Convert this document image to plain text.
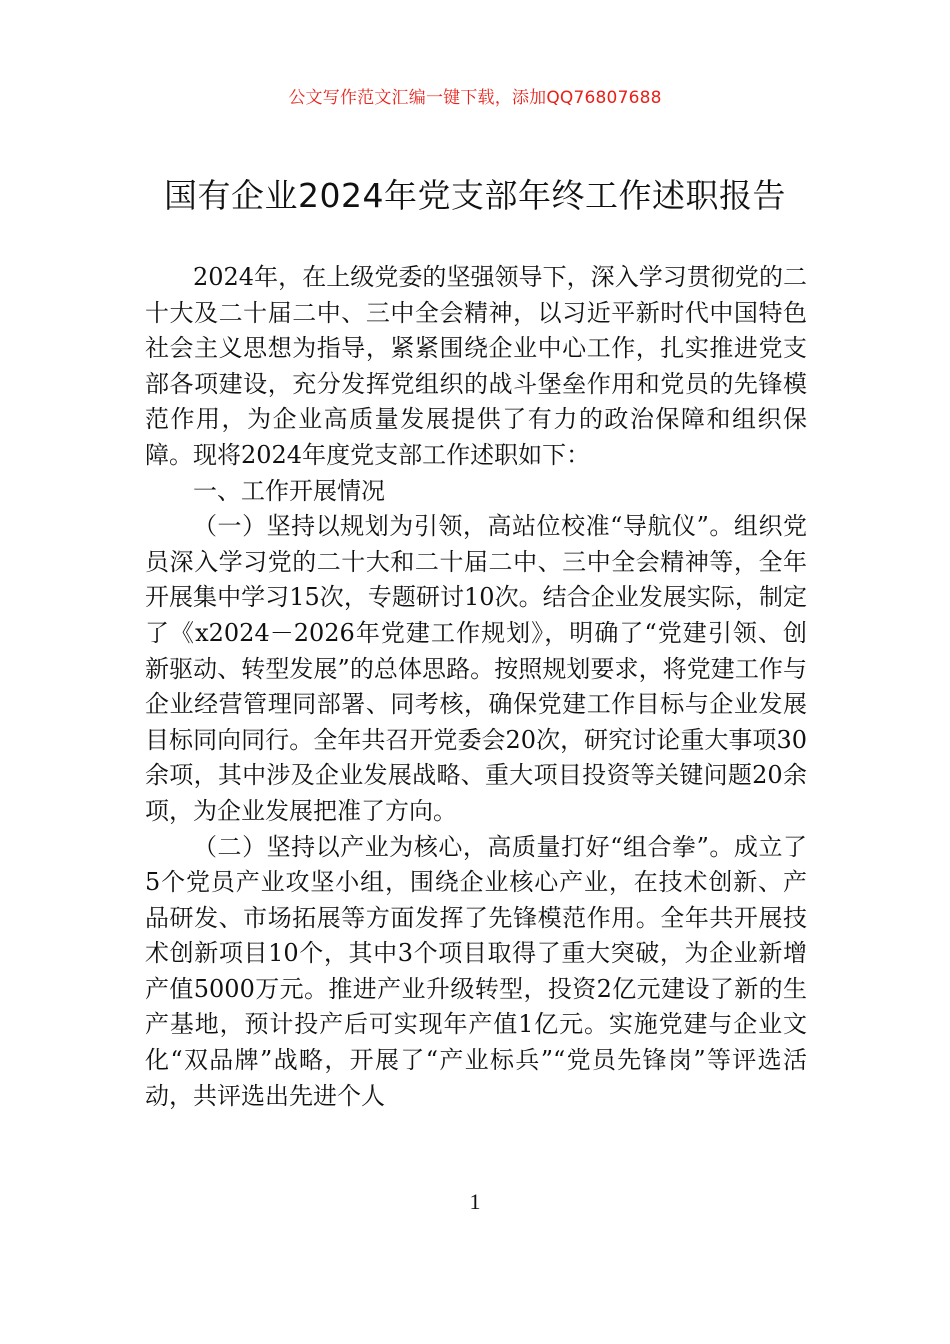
公文写作范文汇编一键下载，添加QQ76807688
国有企业2024年党支部年终工作述职报告

2024年，在上级党委的坚强领导下，深入学习贯彻党的二十大及二十届二中、三中全会精神，以习近平新时代中国特色社会主义思想为指导，紧紧围绕企业中心工作，扎实推进党支部各项建设，充分发挥党组织的战斗堡垒作用和党员的先锋模范作用，为企业高质量发展提供了有力的政治保障和组织保障。现将2024年度党支部工作述职如下：

一、工作开展情况

（一）坚持以规划为引领，高站位校准“导航仪”。组织党员深入学习党的二十大和二十届二中、三中全会精神等，全年开展集中学习15次，专题研讨10次。结合企业发展实际，制定了《x2024－2026年党建工作规划》，明确了“党建引领、创新驱动、转型发展”的总体思路。按照规划要求，将党建工作与企业经营管理同部署、同考核，确保党建工作目标与企业发展目标同向同行。全年共召开党委会20次，研究讨论重大事项30余项，其中涉及企业发展战略、重大项目投资等关键问题20余项，为企业发展把准了方向。

（二）坚持以产业为核心，高质量打好“组合拳”。成立了5个党员产业攻坚小组，围绕企业核心产业，在技术创新、产品研发、市场拓展等方面发挥了先锋模范作用。全年共开展技术创新项目10个，其中3个项目取得了重大突破，为企业新增产值5000万元。推进产业升级转型，投资2亿元建设了新的生产基地，预计投产后可实现年产值1亿元。实施党建与企业文化“双品牌”战略，开展了“产业标兵”“党员先锋岗”等评选活动，共评选出先进个人

1
